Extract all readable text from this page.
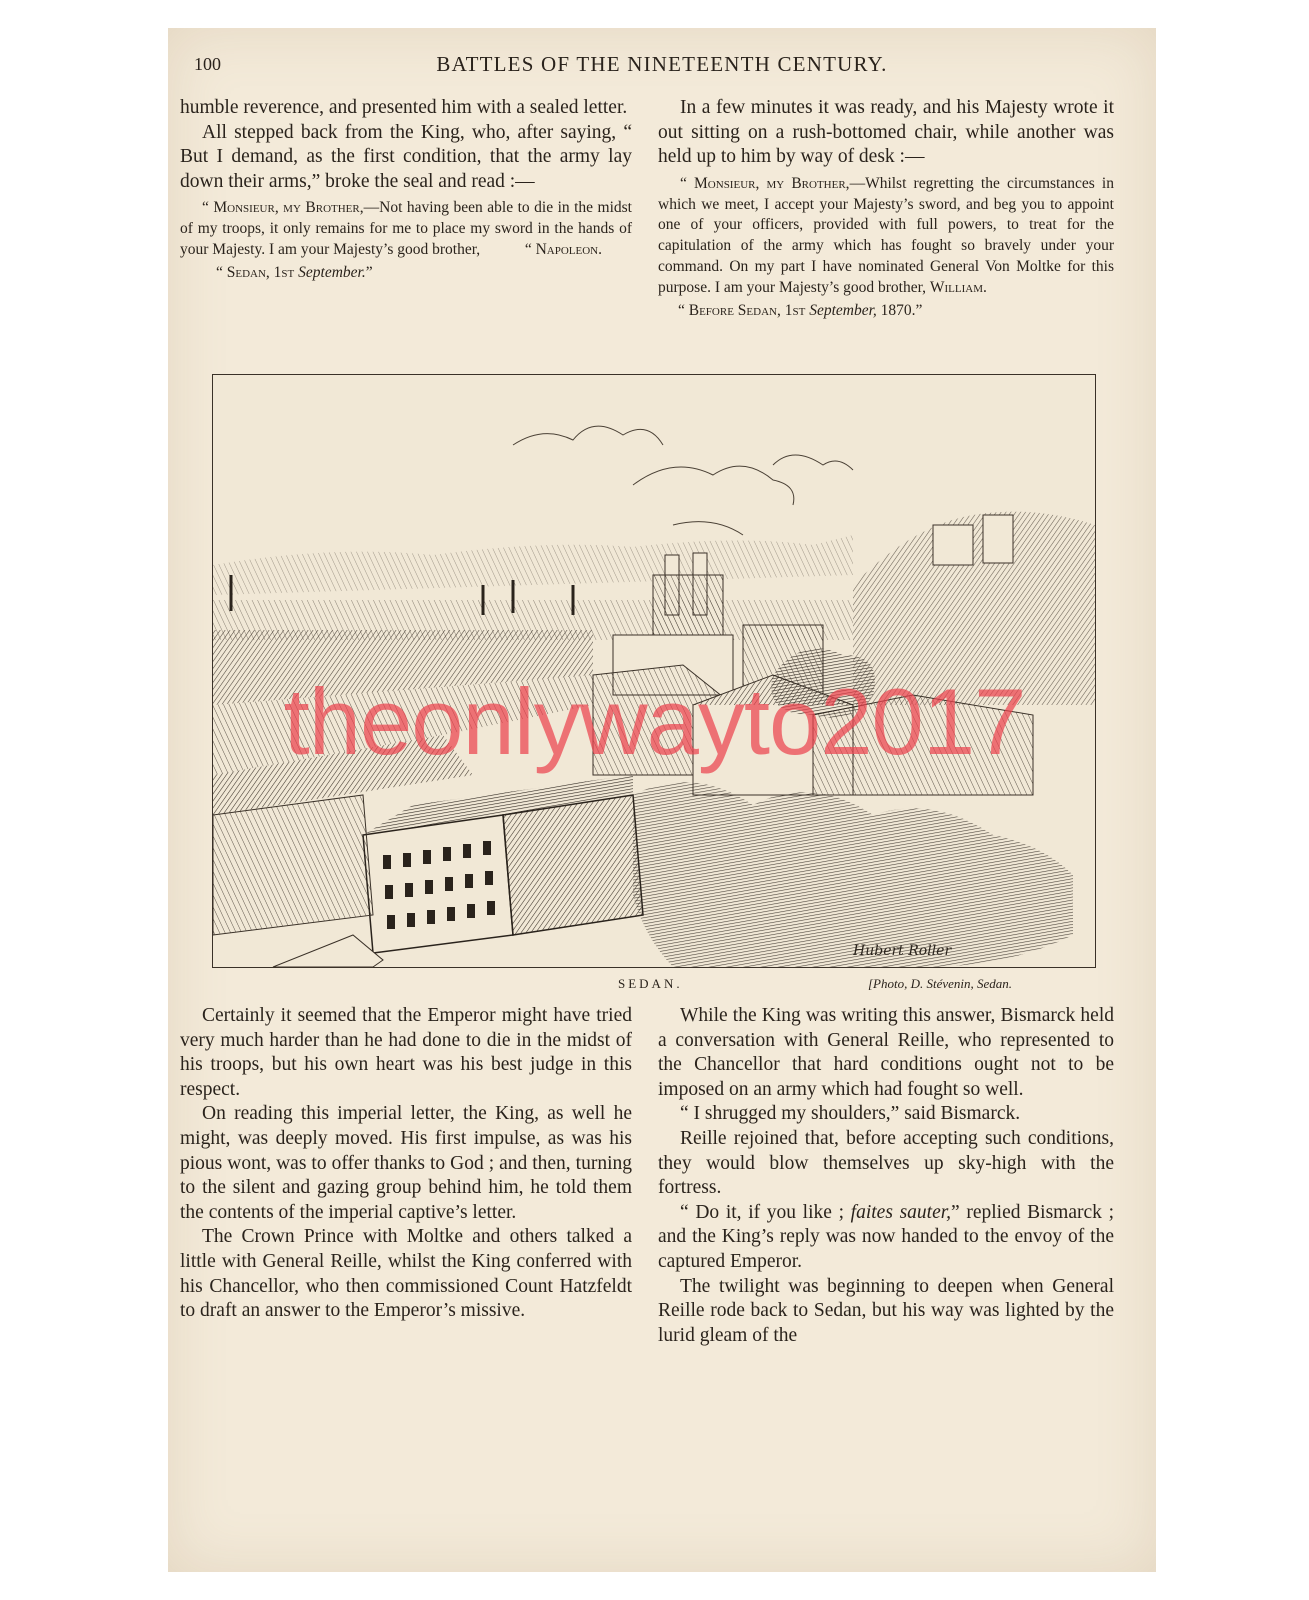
100	BATTLES OF THE NINETEENTH CENTURY.

humble reverence, and presented him with a sealed letter.

All stepped back from the King, who, after saying, “ But I demand, as the first condition, that the army lay down their arms,” broke the seal and read :—

“ Monsieur, my Brother,—Not having been able to die in the midst of my troops, it only remains for me to place my sword in the hands of your Majesty. I am your Majesty’s good brother,	“ Napoleon.

“ Sedan, 1st September.”

In a few minutes it was ready, and his Majesty wrote it out sitting on a rush-bottomed chair, while another was held up to him by way of desk :—

“ Monsieur, my Brother,—Whilst regretting the circumstances in which we meet, I accept your Majesty’s sword, and beg you to appoint one of your officers, provided with full powers, to treat for the capitulation of the army which has fought so bravely under your command. On my part I have nominated General Von Moltke for this purpose. I am your Majesty’s good brother, William.

“ Before Sedan, 1st September, 1870.”

Hubert Roller
SEDAN.	[Photo, D. Stévenin, Sedan.

Certainly it seemed that the Emperor might have tried very much harder than he had done to die in the midst of his troops, but his own heart was his best judge in this respect.

On reading this imperial letter, the King, as well he might, was deeply moved. His first impulse, as was his pious wont, was to offer thanks to God ; and then, turning to the silent and gazing group behind him, he told them the contents of the imperial captive’s letter.

The Crown Prince with Moltke and others talked a little with General Reille, whilst the King conferred with his Chancellor, who then commissioned Count Hatzfeldt to draft an answer to the Emperor’s missive.

While the King was writing this answer, Bismarck held a conversation with General Reille, who represented to the Chancellor that hard conditions ought not to be imposed on an army which had fought so well.

“ I shrugged my shoulders,” said Bismarck.

Reille rejoined that, before accepting such conditions, they would blow themselves up sky-high with the fortress.

“ Do it, if you like ; faites sauter,” replied Bismarck ; and the King’s reply was now handed to the envoy of the captured Emperor.

The twilight was beginning to deepen when General Reille rode back to Sedan, but his way was lighted by the lurid gleam of the

theonlywayto2017
